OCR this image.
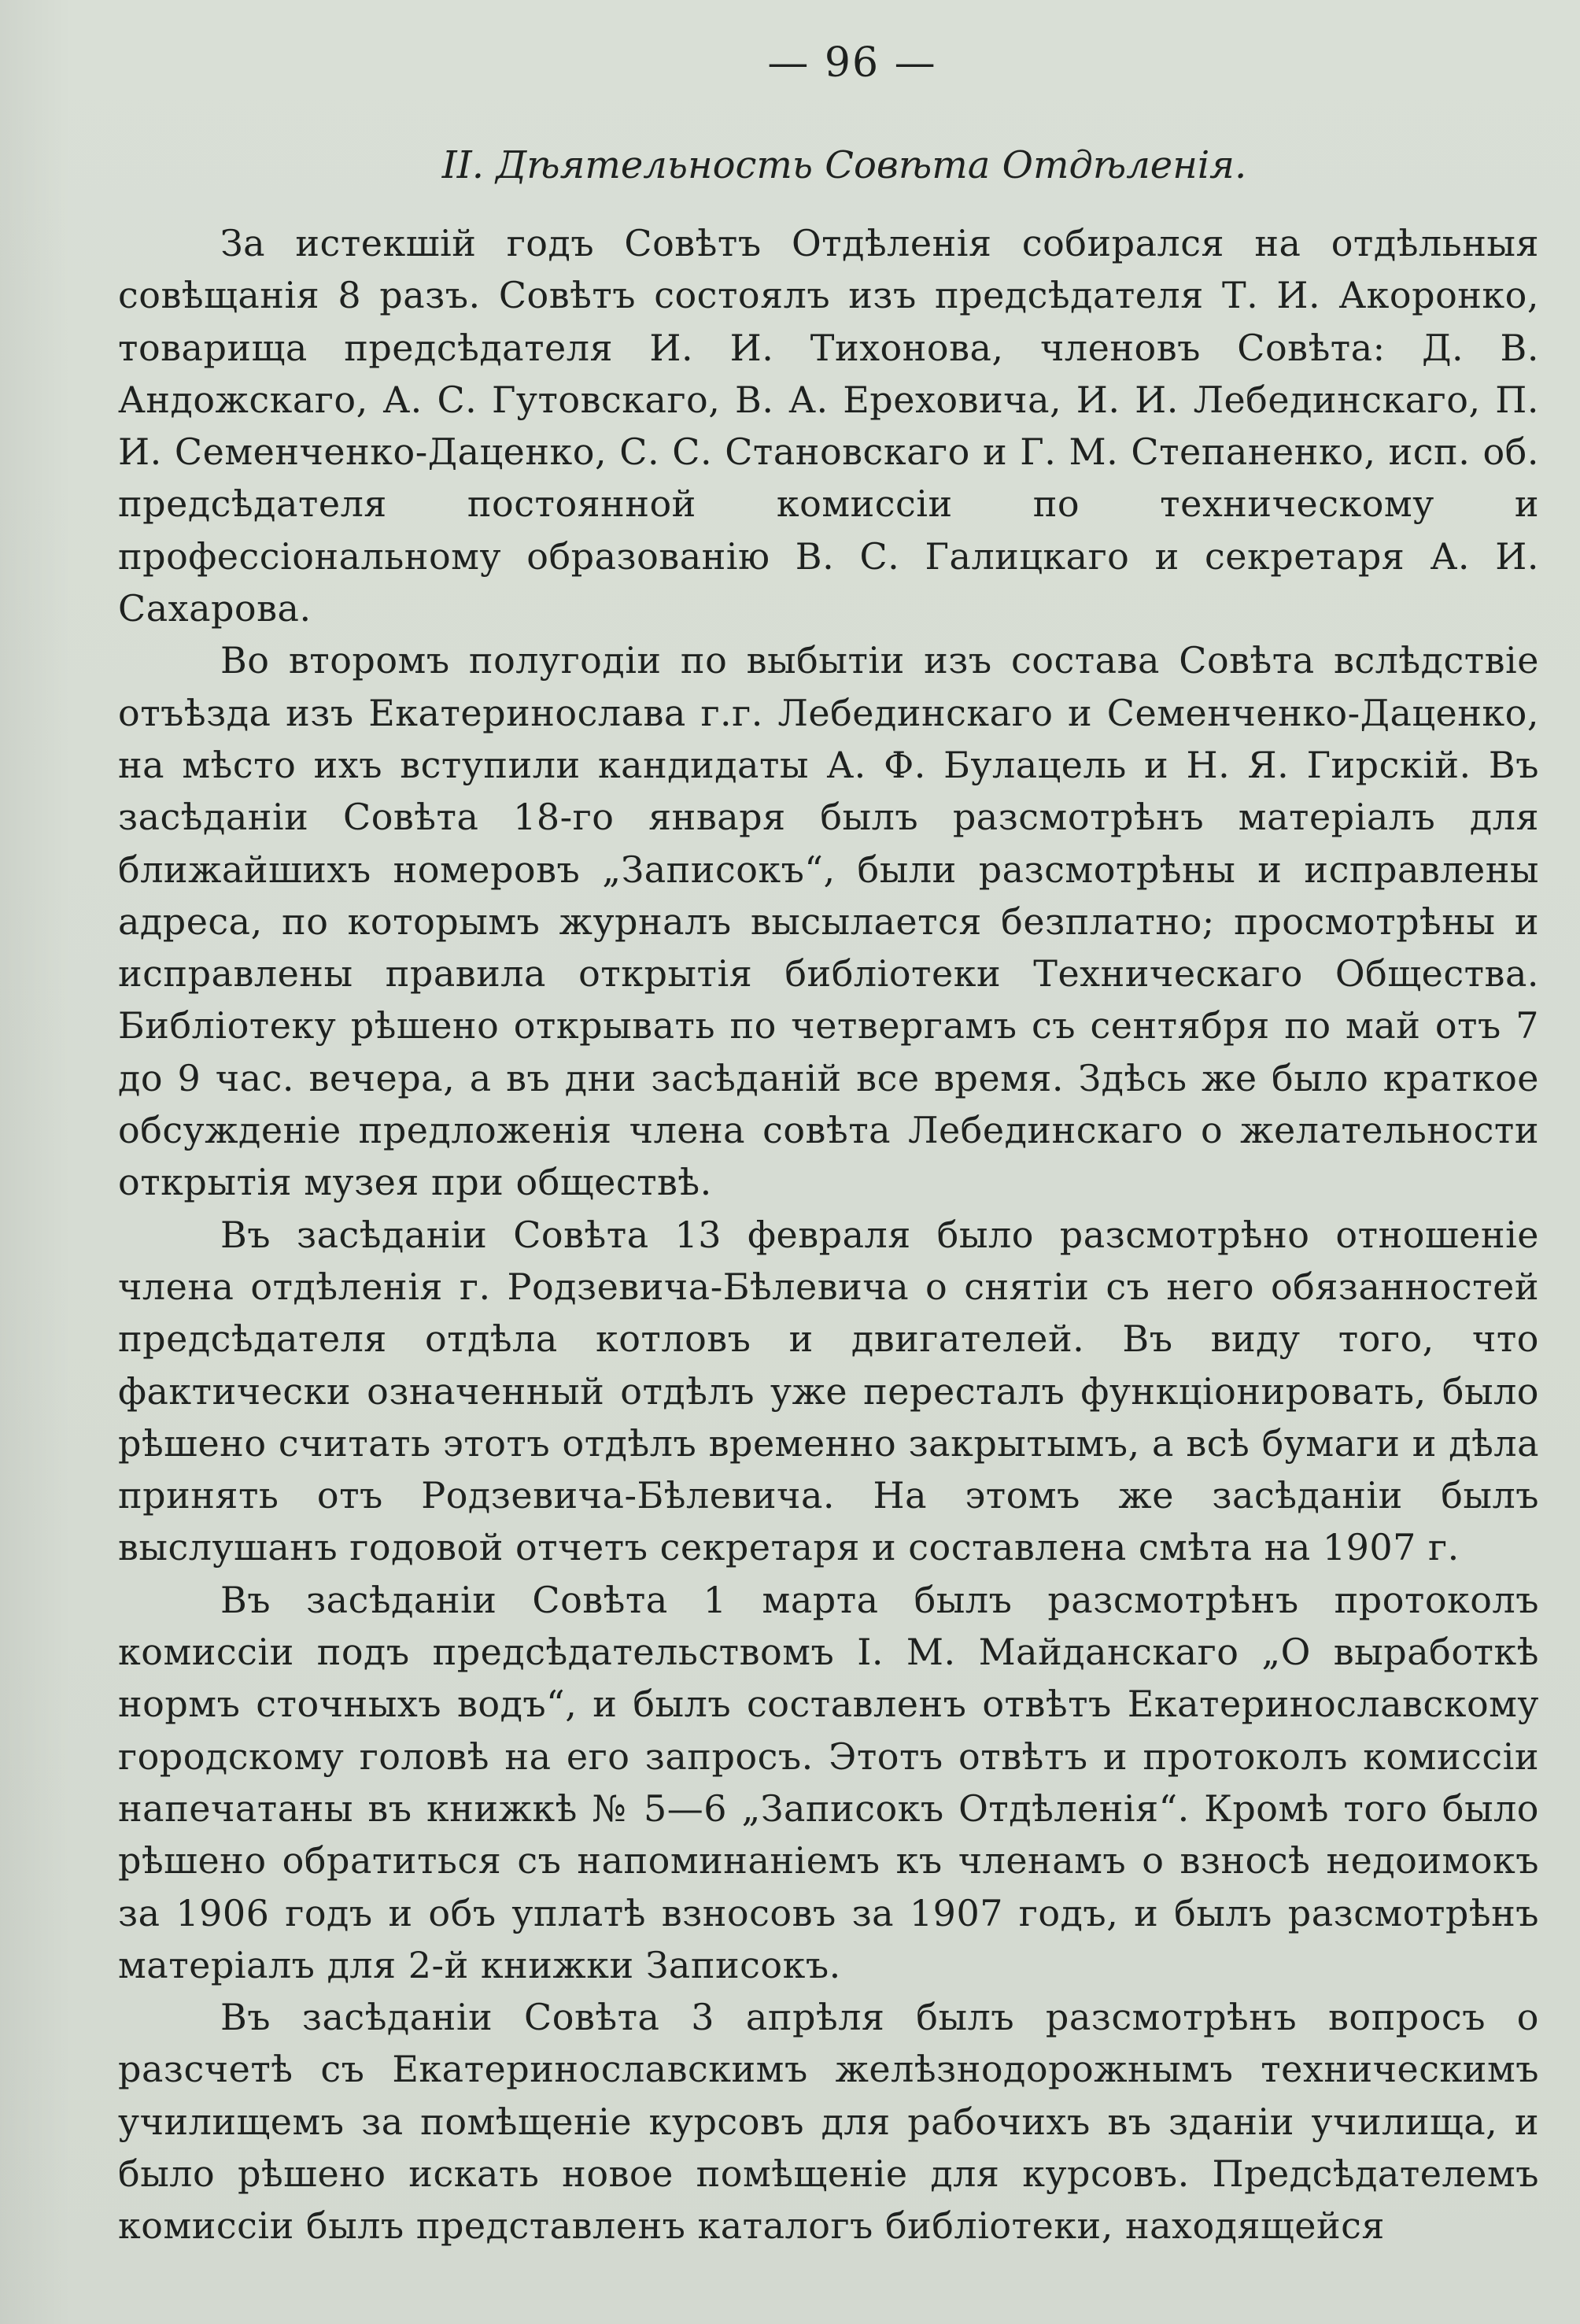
— 96 —
II. Дѣятельность Совѣта Отдѣленія.

За истекшій годъ Совѣтъ Отдѣленія собирался на отдѣльныя совѣщанія 8 разъ. Совѣтъ состоялъ изъ предсѣдателя Т. И. Акоронко, товарища предсѣдателя И. И. Тихонова, членовъ Совѣта: Д. В. Андожскаго, А. С. Гутовскаго, В. А. Ереховича, И. И. Лебединскаго, П. И. Семенченко-Даценко, С. С. Становскаго и Г. М. Степаненко, исп. об. предсѣдателя постоянной комиссіи по техническому и профессіональному образованію В. С. Галицкаго и секретаря А. И. Сахарова.

Во второмъ полугодіи по выбытіи изъ состава Совѣта вслѣдствіе отъѣзда изъ Екатеринослава г.г. Лебединскаго и Семенченко-Даценко, на мѣсто ихъ вступили кандидаты А. Ф. Булацель и Н. Я. Гирскій. Въ засѣданіи Совѣта 18-го января былъ разсмотрѣнъ матеріалъ для ближайшихъ номеровъ „Записокъ“, были разсмотрѣны и исправлены адреса, по которымъ журналъ высылается безплатно; просмотрѣны и исправлены правила открытія библіотеки Техническаго Общества. Библіотеку рѣшено открывать по четвергамъ съ сентября по май отъ 7 до 9 час. вечера, а въ дни засѣданій все время. Здѣсь же было краткое обсужденіе предложенія члена совѣта Лебединскаго о желательности открытія музея при обществѣ.

Въ засѣданіи Совѣта 13 февраля было разсмотрѣно отношеніе члена отдѣленія г. Родзевича-Бѣлевича о снятіи съ него обязанностей предсѣдателя отдѣла котловъ и двигателей. Въ виду того, что фактически означенный отдѣлъ уже пересталъ функціонировать, было рѣшено считать этотъ отдѣлъ временно закрытымъ, а всѣ бумаги и дѣла принять отъ Родзевича-Бѣлевича. На этомъ же засѣданіи былъ выслушанъ годовой отчетъ секретаря и составлена смѣта на 1907 г.

Въ засѣданіи Совѣта 1 марта былъ разсмотрѣнъ протоколъ комиссіи подъ предсѣдательствомъ І. М. Майданскаго „О выработкѣ нормъ сточныхъ водъ“, и былъ составленъ отвѣтъ Екатеринославскому городскому головѣ на его запросъ. Этотъ отвѣтъ и протоколъ комиссіи напечатаны въ книжкѣ № 5—6 „Записокъ Отдѣленія“. Кромѣ того было рѣшено обратиться съ напоминаніемъ къ членамъ о взносѣ недоимокъ за 1906 годъ и объ уплатѣ взносовъ за 1907 годъ, и былъ разсмотрѣнъ матеріалъ для 2-й книжки Записокъ.

Въ засѣданіи Совѣта 3 апрѣля былъ разсмотрѣнъ вопросъ о разсчетѣ съ Екатеринославскимъ желѣзнодорожнымъ техническимъ училищемъ за помѣщеніе курсовъ для рабочихъ въ зданіи училища, и было рѣшено искать новое помѣщеніе для курсовъ. Предсѣдателемъ комиссіи былъ представленъ каталогъ библіотеки, находящейся
